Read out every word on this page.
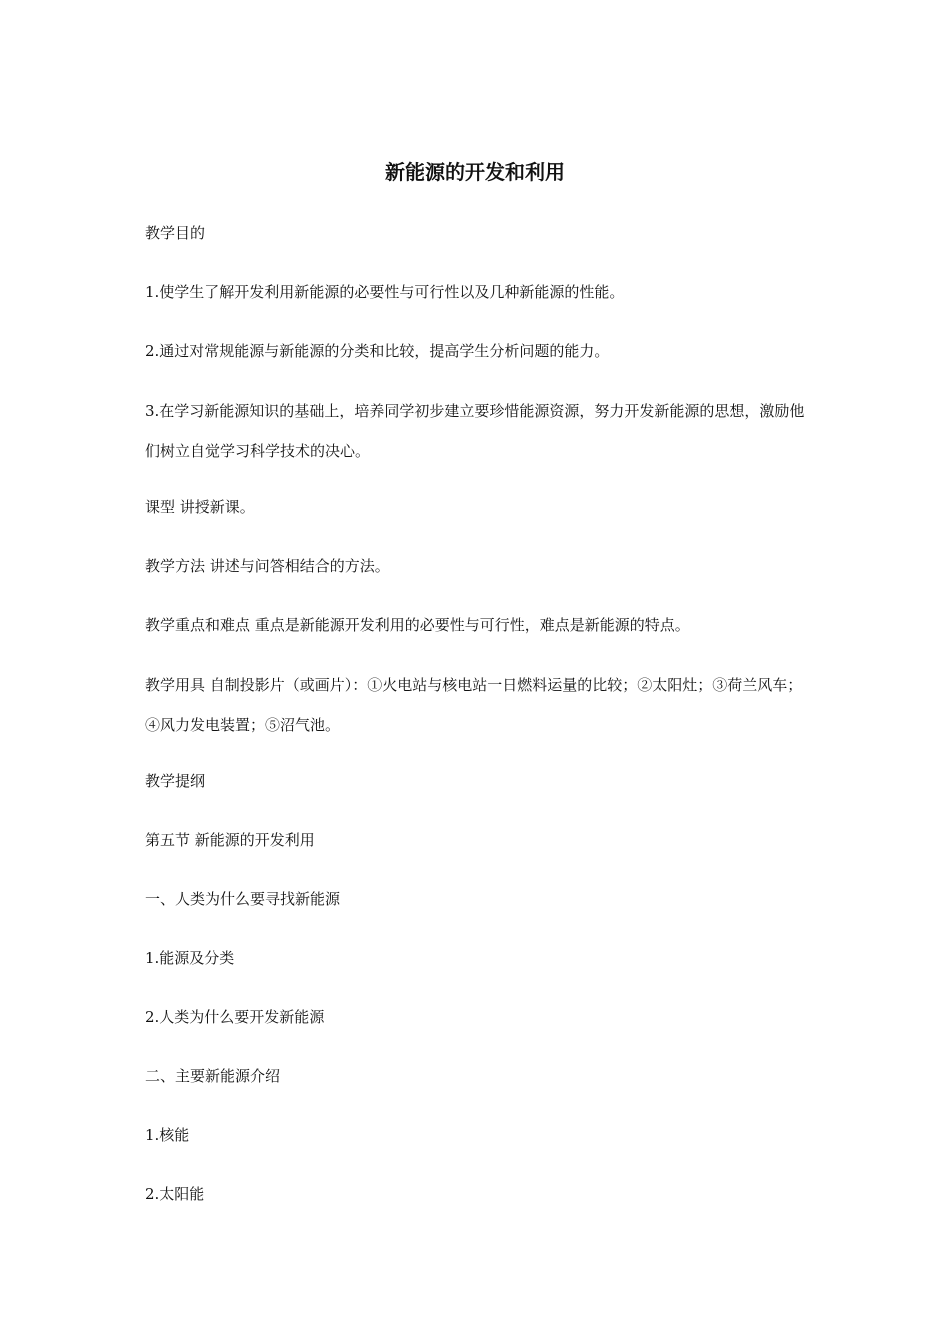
新能源的开发和利用

教学目的

1.使学生了解开发利用新能源的必要性与可行性以及几种新能源的性能。

2.通过对常规能源与新能源的分类和比较，提高学生分析问题的能力。

3.在学习新能源知识的基础上，培养同学初步建立要珍惜能源资源，努力开发新能源的思想，激励他们树立自觉学习科学技术的决心。

课型 讲授新课。

教学方法 讲述与问答相结合的方法。

教学重点和难点 重点是新能源开发利用的必要性与可行性，难点是新能源的特点。

教学用具 自制投影片（或画片）：①火电站与核电站一日燃料运量的比较；②太阳灶；③荷兰风车；④风力发电装置；⑤沼气池。

教学提纲

第五节 新能源的开发利用

一、人类为什么要寻找新能源

1.能源及分类

2.人类为什么要开发新能源

二、主要新能源介绍

1.核能

2.太阳能
